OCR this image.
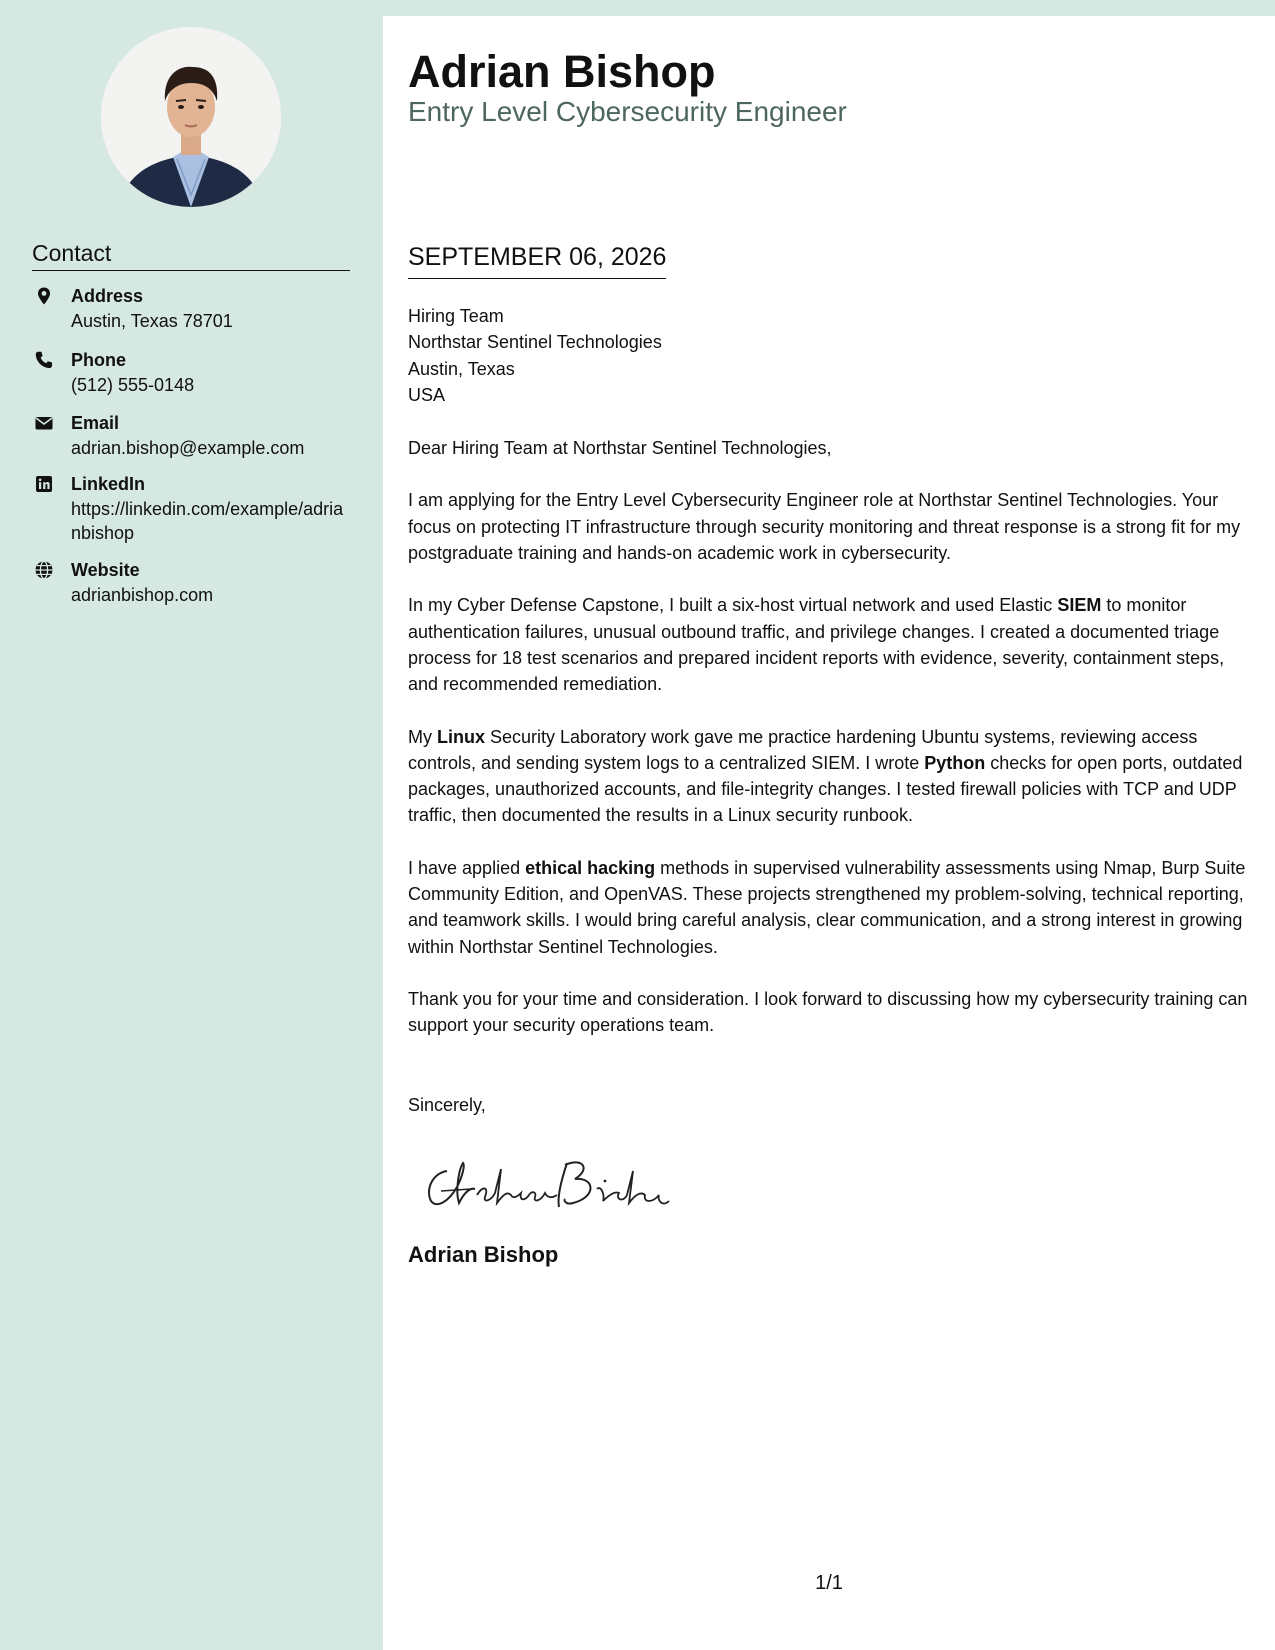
Contact
Address
Austin, Texas 78701
Phone
(512) 555-0148
Email
adrian.bishop@example.com
LinkedIn
https://linkedin.com/example/adrianbishop
Website
adrianbishop.com
Adrian Bishop
Entry Level Cybersecurity Engineer
SEPTEMBER 06, 2026

Hiring Team

Northstar Sentinel Technologies

Austin, Texas

USA

Dear Hiring Team at Northstar Sentinel Technologies,

I am applying for the Entry Level Cybersecurity Engineer role at Northstar Sentinel Technologies. Your focus on protecting IT infrastructure through security monitoring and threat response is a strong fit for my postgraduate training and hands-on academic work in cybersecurity.

In my Cyber Defense Capstone, I built a six-host virtual network and used Elastic SIEM to monitor authentication failures, unusual outbound traffic, and privilege changes. I created a documented triage process for 18 test scenarios and prepared incident reports with evidence, severity, containment steps, and recommended remediation.

My Linux Security Laboratory work gave me practice hardening Ubuntu systems, reviewing access controls, and sending system logs to a centralized SIEM. I wrote Python checks for open ports, outdated packages, unauthorized accounts, and file-integrity changes. I tested firewall policies with TCP and UDP traffic, then documented the results in a Linux security runbook.

I have applied ethical hacking methods in supervised vulnerability assessments using Nmap, Burp Suite Community Edition, and OpenVAS. These projects strengthened my problem-solving, technical reporting, and teamwork skills. I would bring careful analysis, clear communication, and a strong interest in growing within Northstar Sentinel Technologies.

Thank you for your time and consideration. I look forward to discussing how my cybersecurity training can support your security operations team.

Sincerely,

Adrian Bishop
1/1
